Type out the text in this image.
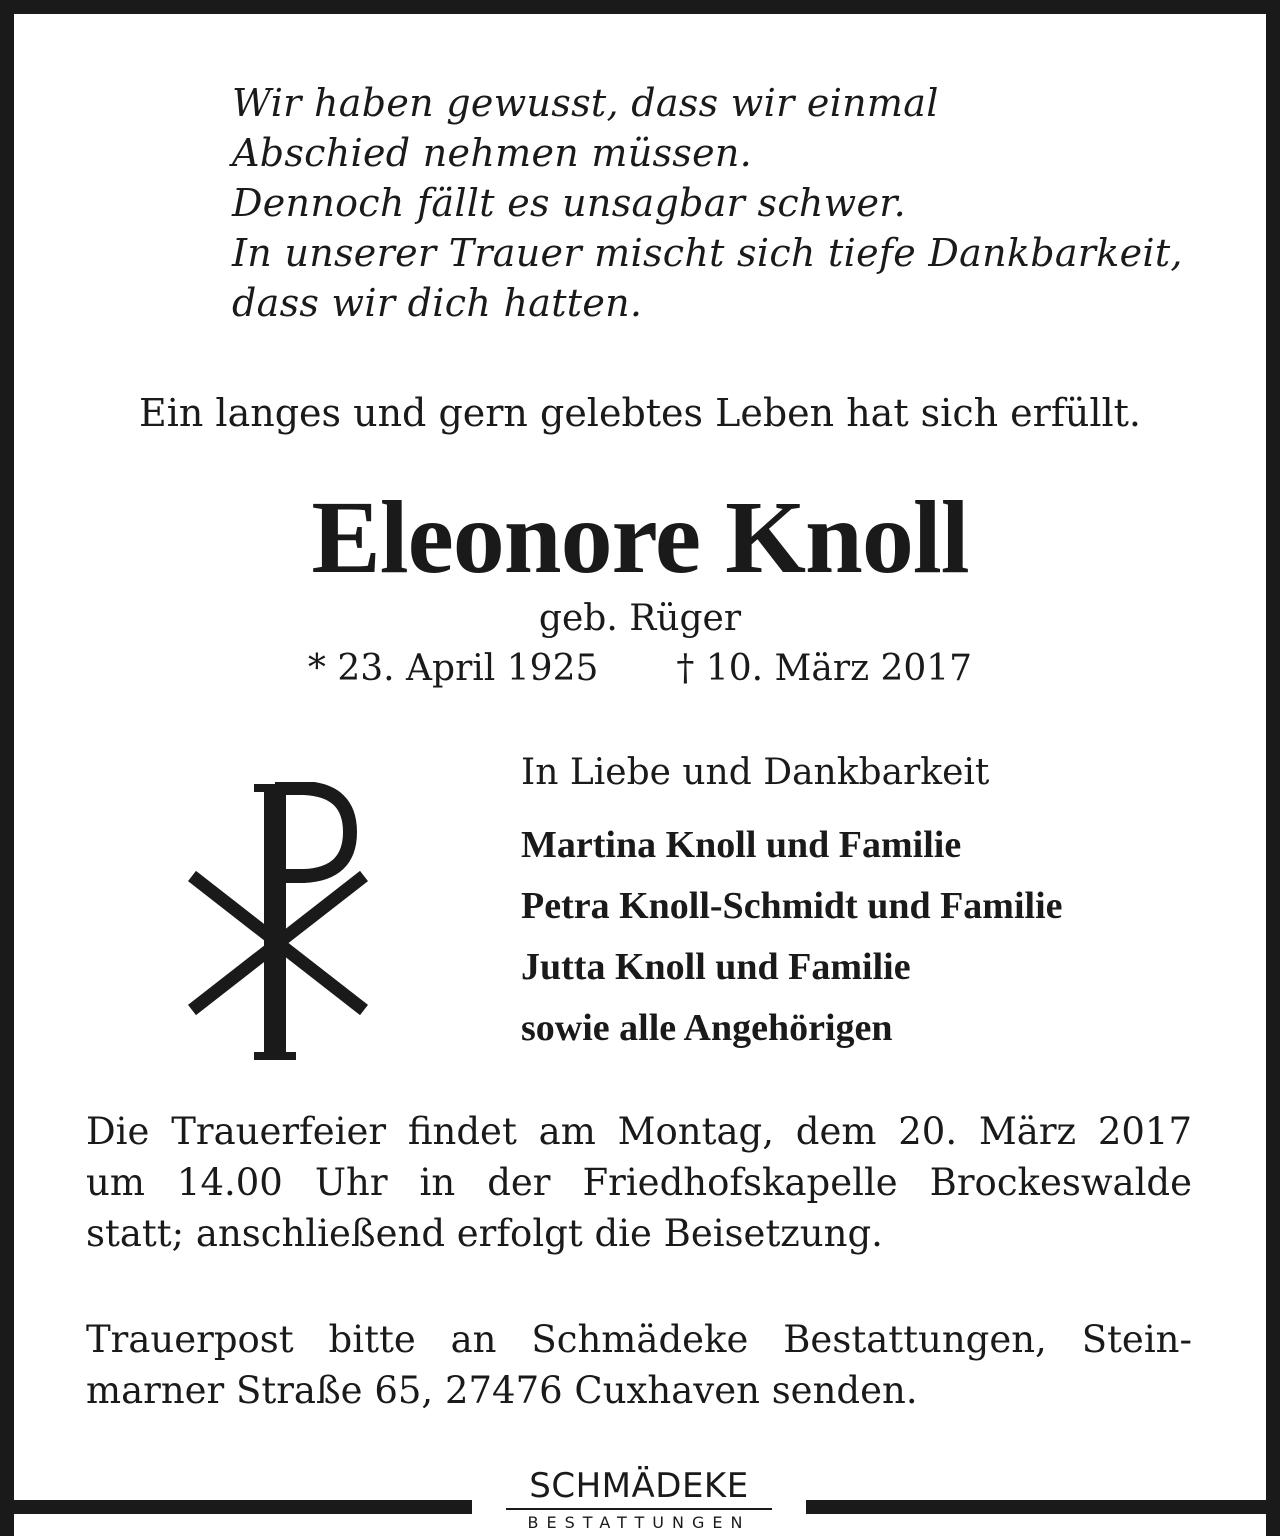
Wir haben gewusst, dass wir einmal
Abschied nehmen müssen.
Dennoch fällt es unsagbar schwer.
In unserer Trauer mischt sich tiefe Dankbarkeit,
dass wir dich hatten.
Ein langes und gern gelebtes Leben hat sich erfüllt.
Eleonore Knoll
geb. Rüger
* 23. April 1925 † 10. März 2017
In Liebe und Dankbarkeit
Martina Knoll und Familie
Petra Knoll-Schmidt und Familie
Jutta Knoll und Familie
sowie alle Angehörigen
Die Trauerfeier findet am Montag, dem 20. März 2017
um 14.00 Uhr in der Friedhofskapelle Brockeswalde
statt; anschließend erfolgt die Beisetzung.
Trauerpost bitte an Schmädeke Bestattungen, Stein-
marner Straße 65, 27476 Cuxhaven senden.
SCHMÄDEKE
BESTATTUNGEN
